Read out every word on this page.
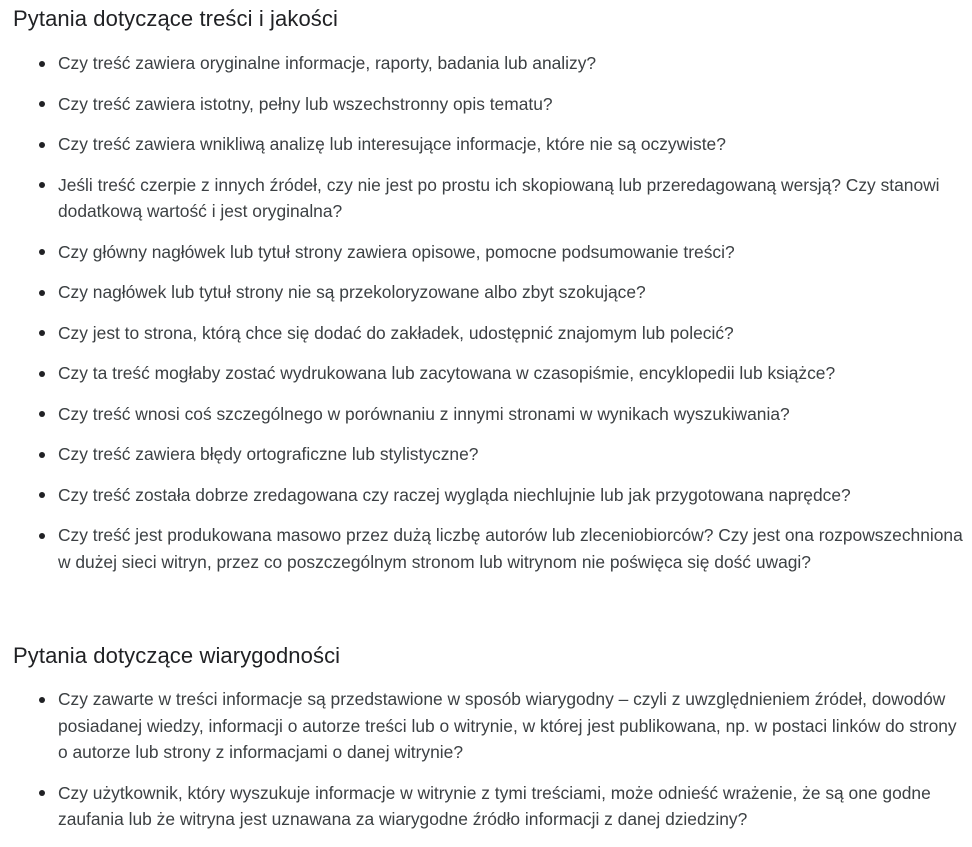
Pytania dotyczące treści i jakości
Czy treść zawiera oryginalne informacje, raporty, badania lub analizy?
Czy treść zawiera istotny, pełny lub wszechstronny opis tematu?
Czy treść zawiera wnikliwą analizę lub interesujące informacje, które nie są oczywiste?
Jeśli treść czerpie z innych źródeł, czy nie jest po prostu ich skopiowaną lub przeredagowaną wersją? Czy stanowi dodatkową wartość i jest oryginalna?
Czy główny nagłówek lub tytuł strony zawiera opisowe, pomocne podsumowanie treści?
Czy nagłówek lub tytuł strony nie są przekoloryzowane albo zbyt szokujące?
Czy jest to strona, którą chce się dodać do zakładek, udostępnić znajomym lub polecić?
Czy ta treść mogłaby zostać wydrukowana lub zacytowana w czasopiśmie, encyklopedii lub książce?
Czy treść wnosi coś szczególnego w porównaniu z innymi stronami w wynikach wyszukiwania?
Czy treść zawiera błędy ortograficzne lub stylistyczne?
Czy treść została dobrze zredagowana czy raczej wygląda niechlujnie lub jak przygotowana naprędce?
Czy treść jest produkowana masowo przez dużą liczbę autorów lub zleceniobiorców? Czy jest ona rozpowszechniona w dużej sieci witryn, przez co poszczególnym stronom lub witrynom nie poświęca się dość uwagi?
Pytania dotyczące wiarygodności
Czy zawarte w treści informacje są przedstawione w sposób wiarygodny – czyli z uwzględnieniem źródeł, dowodów posiadanej wiedzy, informacji o autorze treści lub o witrynie, w której jest publikowana, np. w postaci linków do strony o autorze lub strony z informacjami o danej witrynie?
Czy użytkownik, który wyszukuje informacje w witrynie z tymi treściami, może odnieść wrażenie, że są one godne zaufania lub że witryna jest uznawana za wiarygodne źródło informacji z danej dziedziny?
